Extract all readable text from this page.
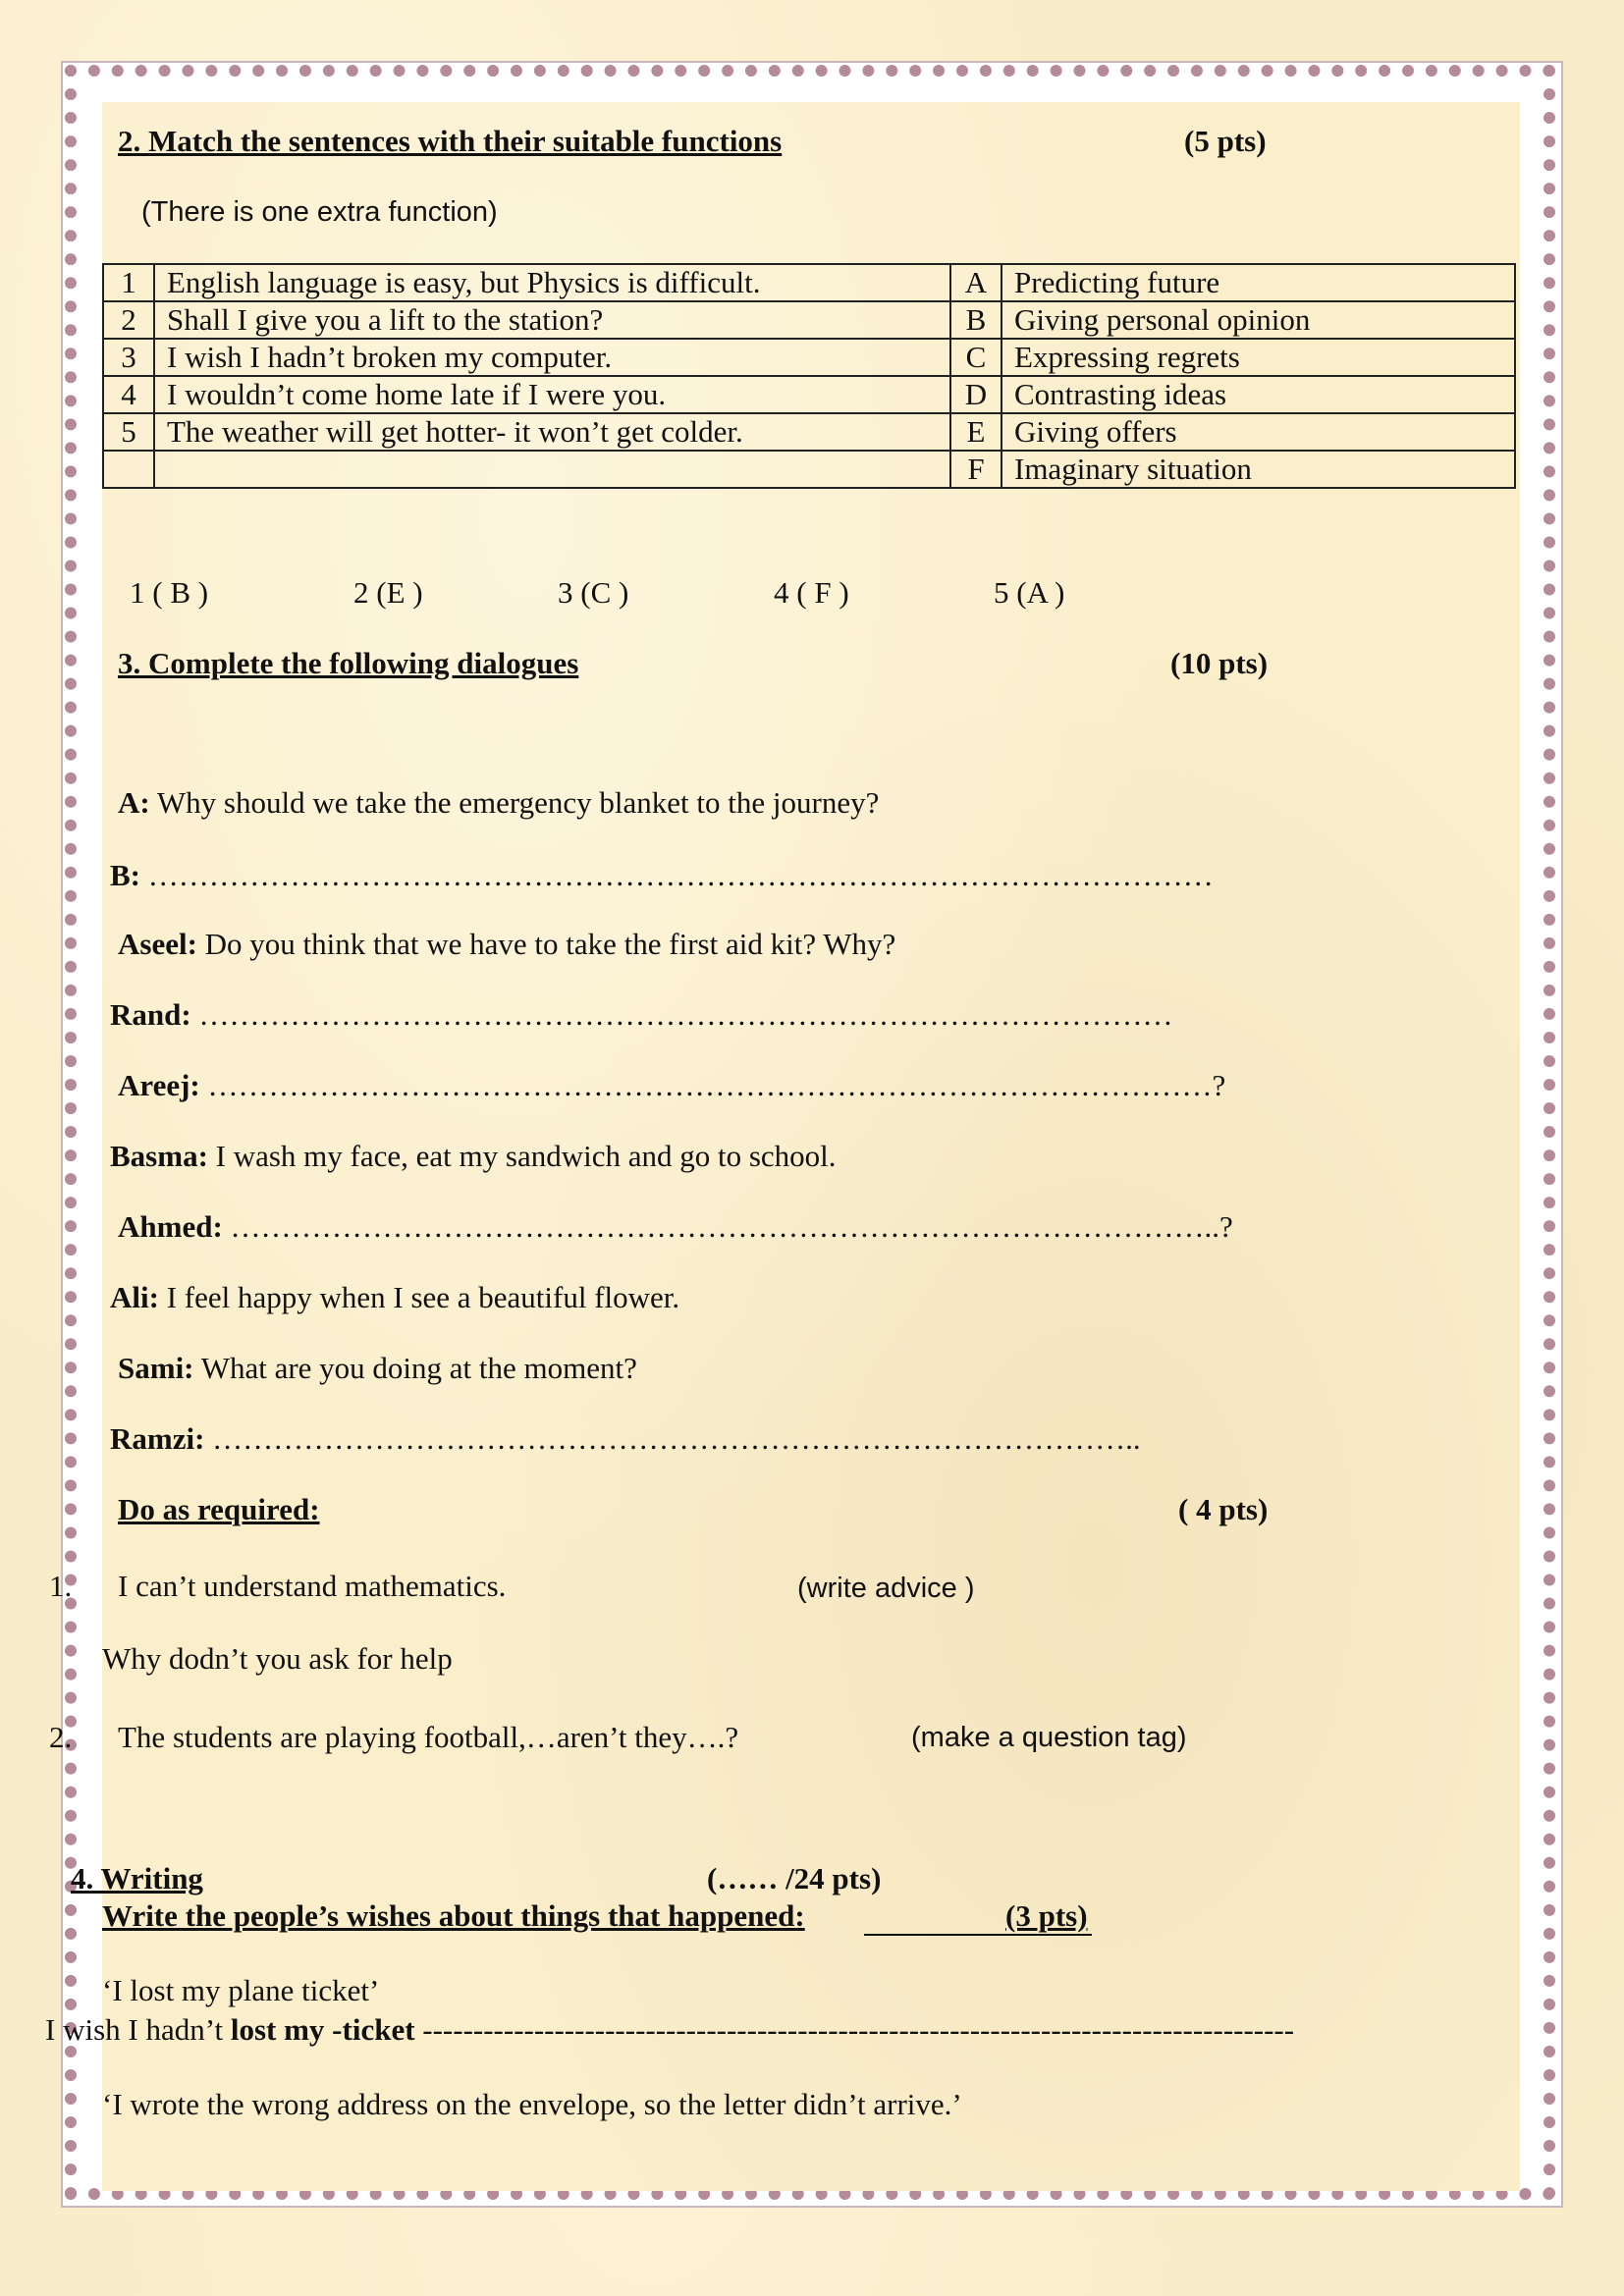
2. Match the sentences with their suitable functions	(5 pts)
(There is one extra function)
1	English language is easy, but Physics is difficult.	A	Predicting future
2	Shall I give you a lift to the station?	B	Giving personal opinion
3	I wish I hadn’t broken my computer.	C	Expressing regrets
4	I wouldn’t come home late if I were you.	D	Contrasting ideas
5	The weather will get hotter- it won’t get colder.	E	Giving offers
		F	Imaginary situation
1 ( B )	2 (E )	3 (C )	4 ( F )	5 (A )
3. Complete the following dialogues	(10 pts)
A: Why should we take the emergency blanket to the journey?
B: ……………………………………………………………………………………………
Aseel: Do you think that we have to take the first aid kit? Why?
Rand: ……………………………………………………………………………………
Areej: ………………………………………………………………………………………?
Basma: I wash my face, eat my sandwich and go to school.
Ahmed: ……………………………………………………………………………………..?
Ali: I feel happy when I see a beautiful flower.
Sami: What are you doing at the moment?
Ramzi: ………………………………………………………………………………..
Do as required:	( 4 pts)
1. I can’t understand mathematics.	(write advice )
Why dodn’t you ask for help
2. The students are playing football,…aren’t they….?	(make a question tag)
4. Writing	(…… /24 pts)
Write the people’s wishes about things that happened:	(3 pts)
‘I lost my plane ticket’
I wish I hadn’t lost my -ticket --------------------------------------------------------------------------------------
‘I wrote the wrong address on the envelope, so the letter didn’t arrive.’
